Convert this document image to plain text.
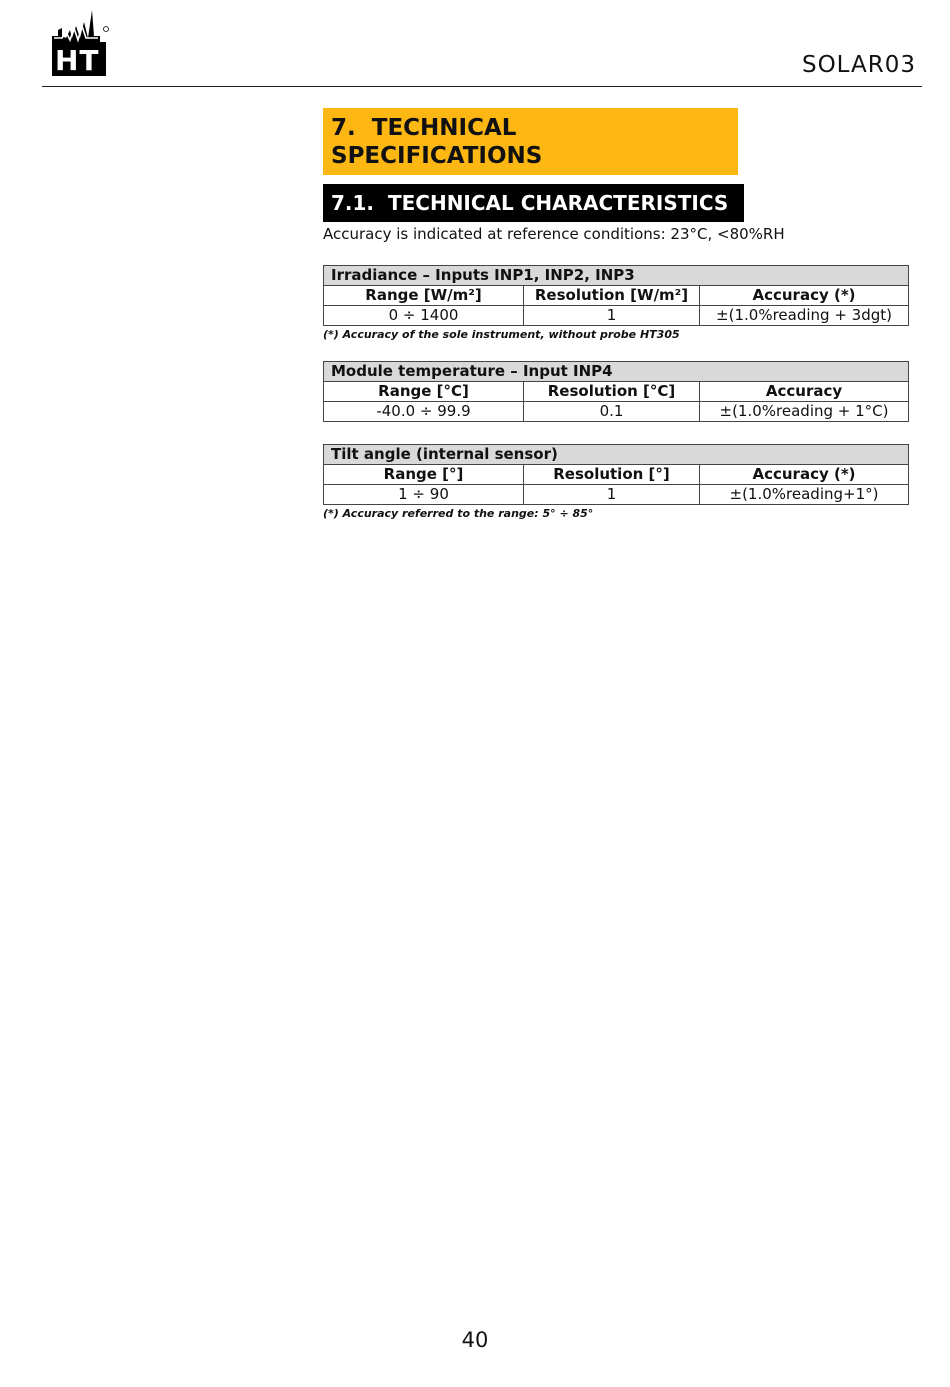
HT	SOLAR03
7. TECHNICAL SPECIFICATIONS
7.1. TECHNICAL CHARACTERISTICS
Accuracy is indicated at reference conditions: 23°C, <80%RH
Irradiance – Inputs INP1, INP2, INP3		
Range [W/m²]	Resolution [W/m²]	Accuracy (*)
0 ÷ 1400	1	±(1.0%reading + 3dgt)
(*) Accuracy of the sole instrument, without probe HT305
Module temperature – Input INP4		
Range [°C]	Resolution [°C]	Accuracy
-40.0 ÷ 99.9	0.1	±(1.0%reading + 1°C)
Tilt angle (internal sensor)		
Range [°]	Resolution [°]	Accuracy (*)
1 ÷ 90	1	±(1.0%reading+1°)
(*) Accuracy referred to the range: 5° ÷ 85°
40
